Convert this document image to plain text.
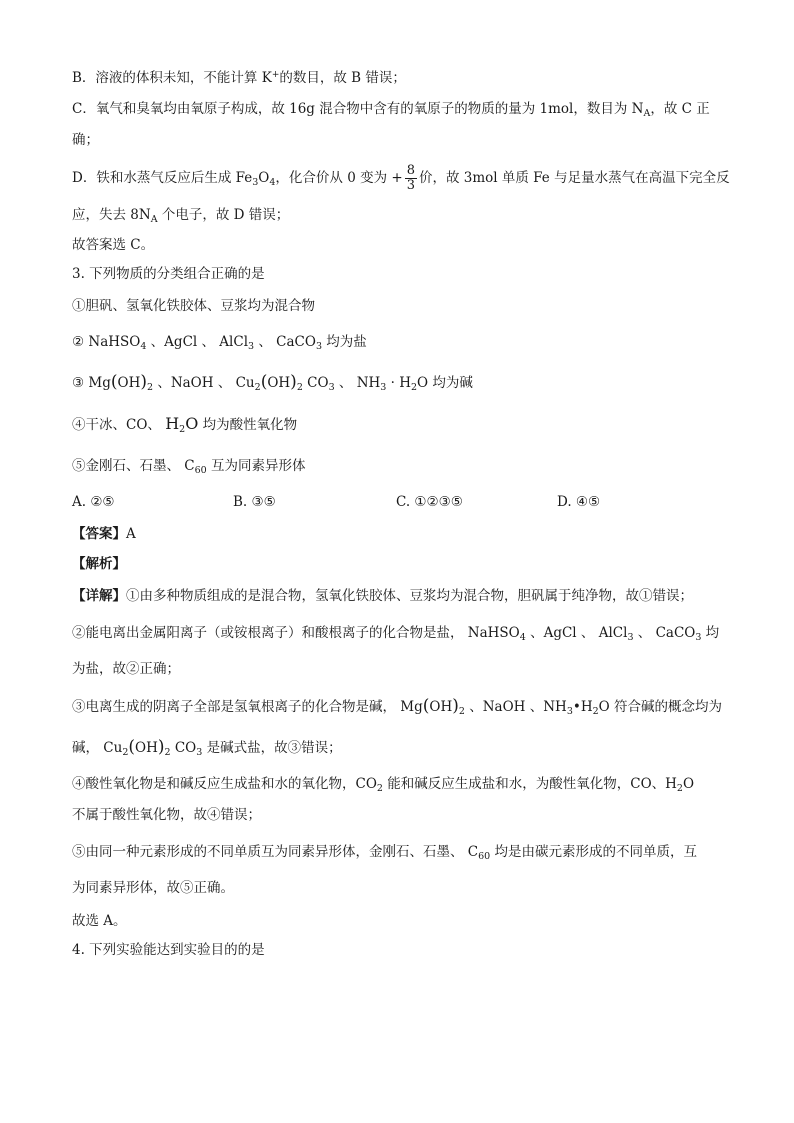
B．溶液的体积未知，不能计算 K+的数目，故 B 错误；
C．氧气和臭氧均由氧原子构成，故 16g 混合物中含有的氧原子的物质的量为 1mol，数目为 $N_A$，故 C 正
确；
D．铁和水蒸气反应后生成 $Fe_3O_4$，化合价从 0 变为 + $\frac{8}{3}$ 价，故 3mol 单质 Fe 与足量水蒸气在高温下完全反
应，失去 $8N_A$ 个电子，故 D 错误；
故答案选 C。
3. 下列物质的分类组合正确的是
①胆矾、氢氧化铁胶体、豆浆均为混合物
② NaHSO$_4$ 、AgCl 、 AlCl$_3$ 、 CaCO$_3$ 均为盐
③ $Mg(OH)_2$ 、NaOH 、 $Cu_2(OH)_2$ $CO_3$ 、 $NH_3 \cdot H_2O$ 均为碱
④干冰、CO、 $H_2O$ 均为酸性氧化物
⑤金刚石、石墨、 $C_{60}$ 互为同素异形体
A. ②⑤	B. ③⑤	C. ①②③⑤	D. ④⑤
【答案】A
【解析】
【详解】①由多种物质组成的是混合物，氢氧化铁胶体、豆浆均为混合物，胆矾属于纯净物，故①错误；
②能电离出金属阳离子（或铵根离子）和酸根离子的化合物是盐， NaHSO$_4$ 、AgCl 、 AlCl$_3$ 、 CaCO$_3$ 均
为盐，故②正确；
③电离生成的阴离子全部是氢氧根离子的化合物是碱， $Mg(OH)_2$ 、NaOH 、$NH_3•H_2O$ 符合碱的概念均为
碱， $Cu_2(OH)_2$ $CO_3$ 是碱式盐，故③错误；
④酸性氧化物是和碱反应生成盐和水的氧化物，$CO_2$ 能和碱反应生成盐和水，为酸性氧化物，CO、$H_2O$
不属于酸性氧化物，故④错误；
⑤由同一种元素形成的不同单质互为同素异形体，金刚石、石墨、 $C_{60}$ 均是由碳元素形成的不同单质，互
为同素异形体，故⑤正确。
故选 A。
4. 下列实验能达到实验目的的是
